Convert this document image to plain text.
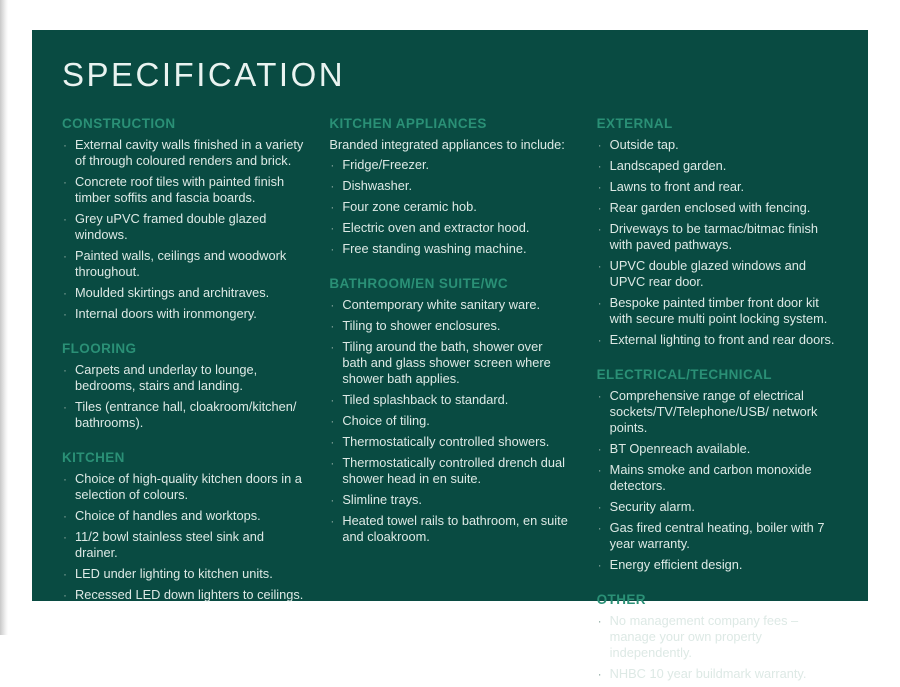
SPECIFICATION
CONSTRUCTION
· External cavity walls finished in a variety of through coloured renders and brick.
· Concrete roof tiles with painted finish timber soffits and fascia boards.
· Grey uPVC framed double glazed windows.
· Painted walls, ceilings and woodwork throughout.
· Moulded skirtings and architraves.
· Internal doors with ironmongery.
FLOORING
· Carpets and underlay to lounge, bedrooms, stairs and landing.
· Tiles (entrance hall, cloakroom/kitchen/ bathrooms).
KITCHEN
· Choice of high-quality kitchen doors in a selection of colours.
· Choice of handles and worktops.
· 11/2 bowl stainless steel sink and drainer.
· LED under lighting to kitchen units.
· Recessed LED down lighters to ceilings.
KITCHEN APPLIANCES
Branded integrated appliances to include:
· Fridge/Freezer.
· Dishwasher.
· Four zone ceramic hob.
· Electric oven and extractor hood.
· Free standing washing machine.
BATHROOM/EN SUITE/WC
· Contemporary white sanitary ware.
· Tiling to shower enclosures.
· Tiling around the bath, shower over bath and glass shower screen where shower bath applies.
· Tiled splashback to standard.
· Choice of tiling.
· Thermostatically controlled showers.
· Thermostatically controlled drench dual shower head in en suite.
· Slimline trays.
· Heated towel rails to bathroom, en suite and cloakroom.
EXTERNAL
· Outside tap.
· Landscaped garden.
· Lawns to front and rear.
· Rear garden enclosed with fencing.
· Driveways to be tarmac/bitmac finish with paved pathways.
· UPVC double glazed windows and UPVC rear door.
· Bespoke painted timber front door kit with secure multi point locking system.
· External lighting to front and rear doors.
ELECTRICAL/TECHNICAL
· Comprehensive range of electrical sockets/TV/Telephone/USB/ network points.
· BT Openreach available.
· Mains smoke and carbon monoxide detectors.
· Security alarm.
· Gas fired central heating, boiler with 7 year warranty.
· Energy efficient design.
OTHER
· No management company fees – manage your own property independently.
· NHBC 10 year buildmark warranty.
